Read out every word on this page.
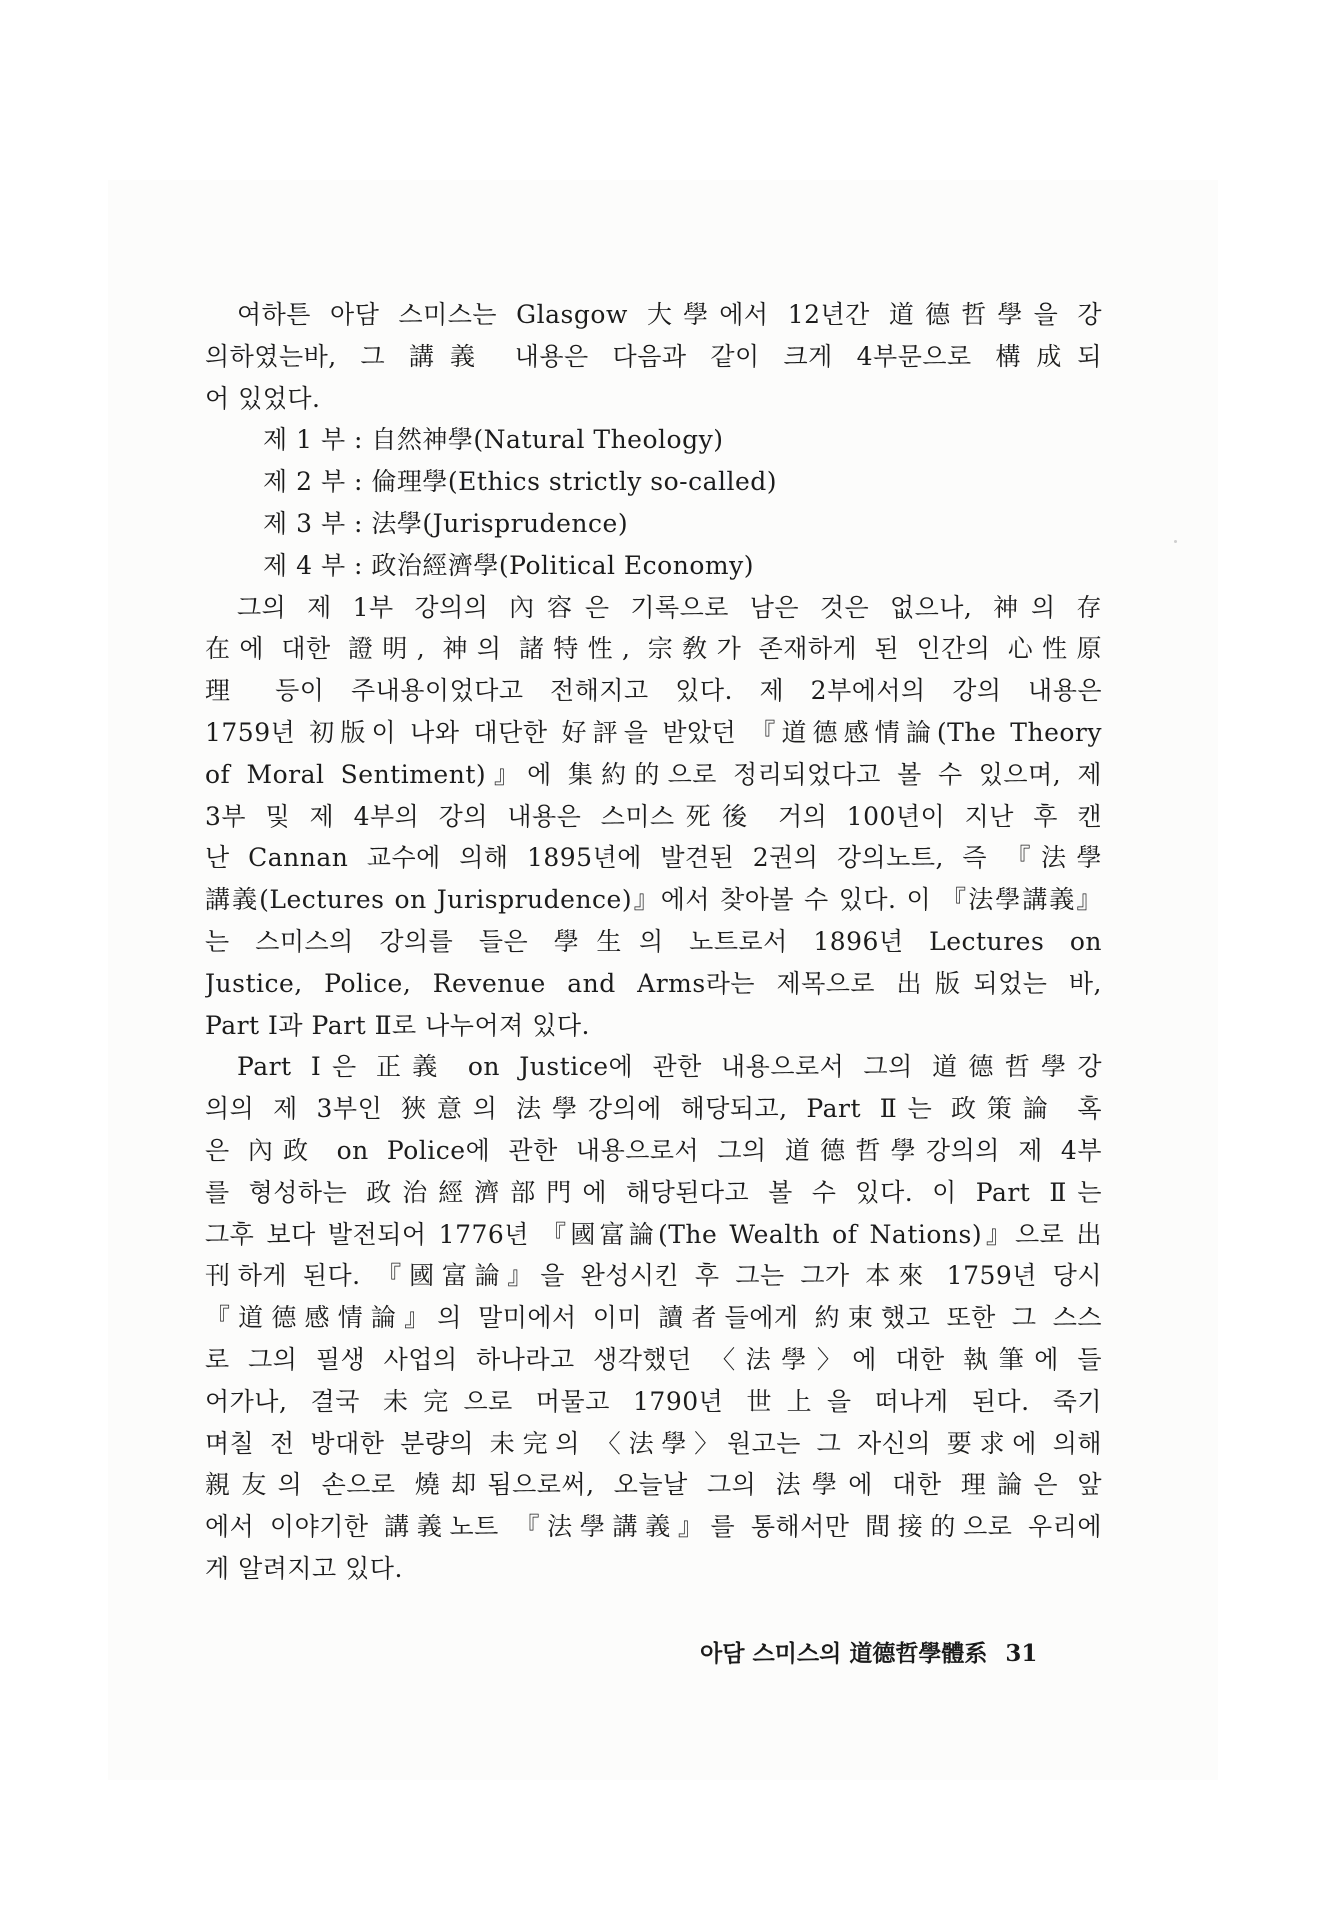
여하튼 아담 스미스는 Glasgow 大學에서 12년간 道德哲學을 강
의하였는바, 그 講義 내용은 다음과 같이 크게 4부문으로 構成되
어 있었다.
제 1 부 : 自然神學(Natural Theology)
제 2 부 : 倫理學(Ethics strictly so-called)
제 3 부 : 法學(Jurisprudence)
제 4 부 : 政治經濟學(Political Economy)
그의 제 1부 강의의 內容은 기록으로 남은 것은 없으나, 神의 存
在에 대한 證明, 神의 諸特性, 宗敎가 존재하게 된 인간의 心性原
理 등이 주내용이었다고 전해지고 있다. 제 2부에서의 강의 내용은
1759년 初版이 나와 대단한 好評을 받았던 『道德感情論(The Theory
of Moral Sentiment)』에 集約的으로 정리되었다고 볼 수 있으며, 제
3부 및 제 4부의 강의 내용은 스미스死後 거의 100년이 지난 후 캔
난 Cannan 교수에 의해 1895년에 발견된 2권의 강의노트, 즉 『法學
講義(Lectures on Jurisprudence)』에서 찾아볼 수 있다. 이 『法學講義』
는 스미스의 강의를 들은 學生의 노트로서 1896년 Lectures on
Justice, Police, Revenue and Arms라는 제목으로 出版되었는 바,
Part Ⅰ과 Part Ⅱ로 나누어져 있다.
Part Ⅰ은 正義 on Justice에 관한 내용으로서 그의 道德哲學강
의의 제 3부인 狹意의 法學강의에 해당되고, Part Ⅱ는 政策論 혹
은 內政 on Police에 관한 내용으로서 그의 道德哲學강의의 제 4부
를 형성하는 政治經濟部門에 해당된다고 볼 수 있다. 이 Part Ⅱ는
그후 보다 발전되어 1776년 『國富論(The Wealth of Nations)』으로 出
刊하게 된다. 『國富論』을 완성시킨 후 그는 그가 本來 1759년 당시
『道德感情論』의 말미에서 이미 讀者들에게 約束했고 또한 그 스스
로 그의 필생 사업의 하나라고 생각했던 〈法學〉에 대한 執筆에 들
어가나, 결국 未完으로 머물고 1790년 世上을 떠나게 된다. 죽기
며칠 전 방대한 분량의 未完의 〈法學〉원고는 그 자신의 要求에 의해
親友의 손으로 燒却됨으로써, 오늘날 그의 法學에 대한 理論은 앞
에서 이야기한 講義노트 『法學講義』를 통해서만 間接的으로 우리에
게 알려지고 있다.
아담 스미스의 道德哲學體系 31
